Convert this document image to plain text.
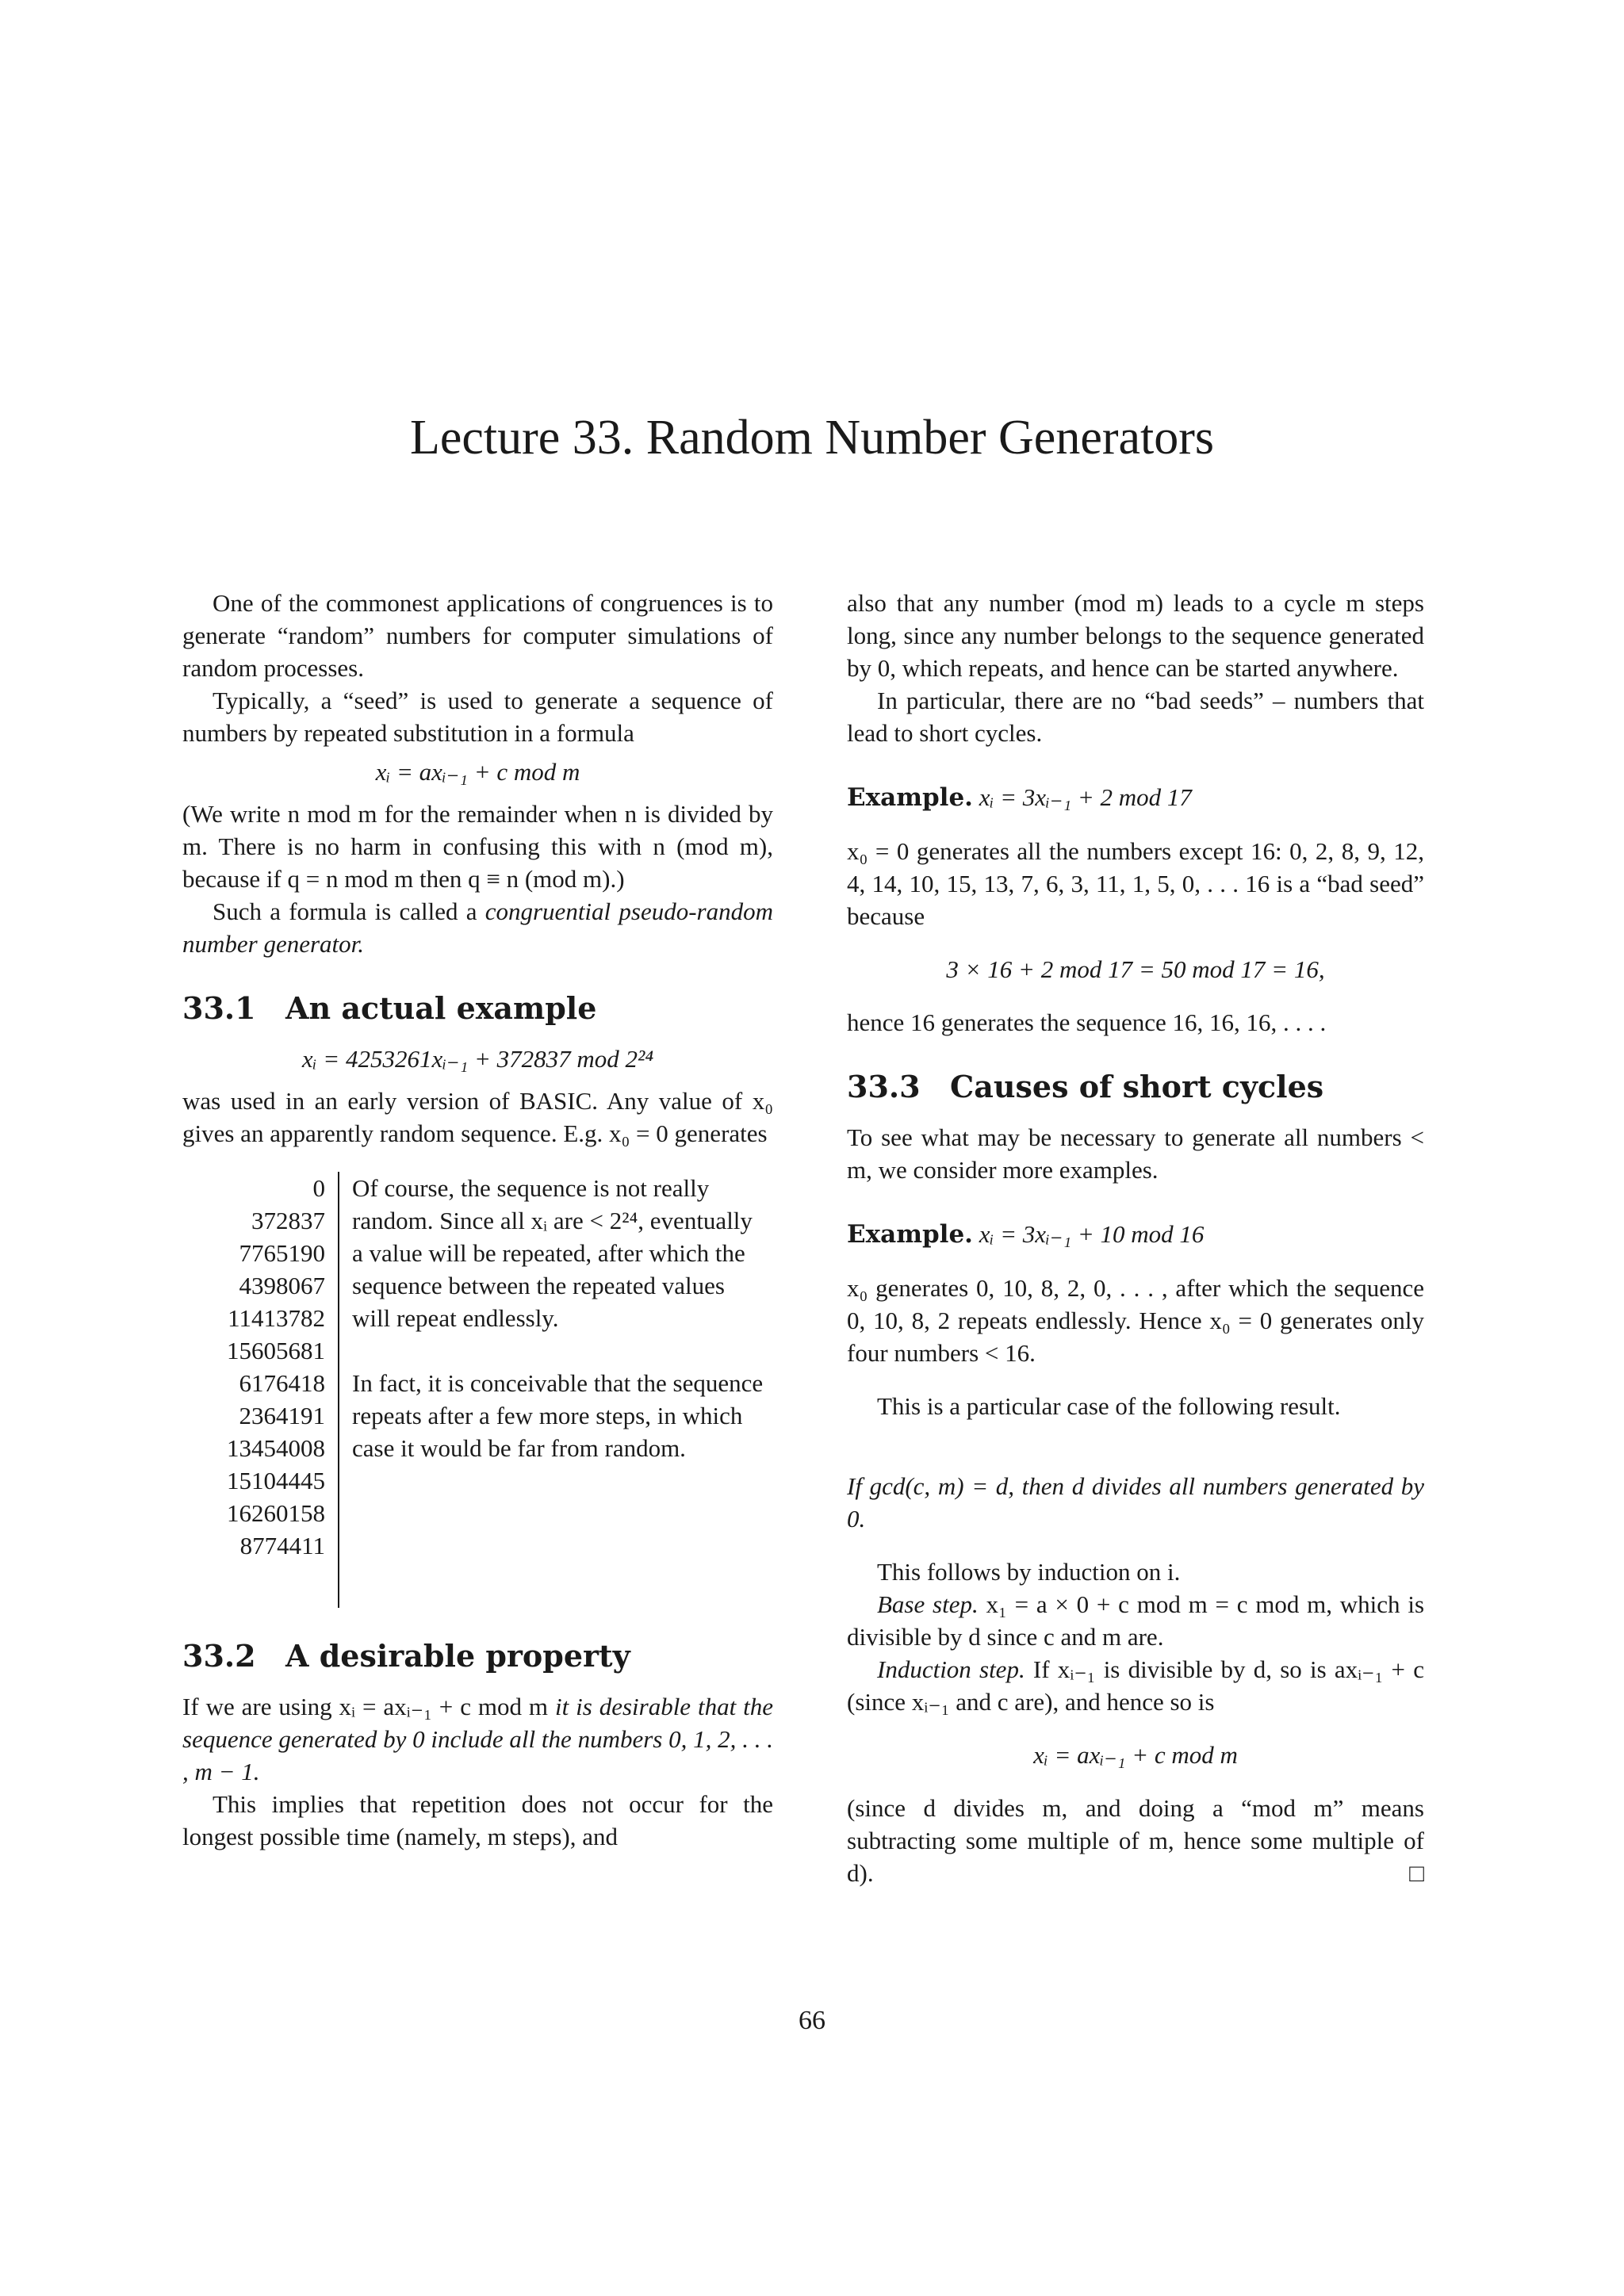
Lecture 33. Random Number Generators

One of the commonest applications of congruences is to generate “random” numbers for computer simulations of random processes.

Typically, a “seed” is used to generate a sequence of numbers by repeated substitution in a formula

xᵢ = axᵢ₋₁ + c mod m

(We write n mod m for the remainder when n is divided by m. There is no harm in confusing this with n (mod m), because if q = n mod m then q ≡ n (mod m).)

Such a formula is called a congruential pseudo-random number generator.

33.1 An actual example

xᵢ = 4253261xᵢ₋₁ + 372837 mod 2²⁴

was used in an early version of BASIC. Any value of x₀ gives an apparently random sequence. E.g. x₀ = 0 generates

0
372837
7765190
4398067
11413782
15605681
6176418
2364191
13454008
15104445
16260158
8774411

Of course, the sequence is not really random. Since all xᵢ are < 2²⁴, eventually a value will be repeated, after which the sequence between the repeated values will repeat endlessly.

In fact, it is conceivable that the sequence repeats after a few more steps, in which case it would be far from random.

33.2 A desirable property

If we are using xᵢ = axᵢ₋₁ + c mod m it is desirable that the sequence generated by 0 include all the numbers 0, 1, 2, . . . , m − 1.

This implies that repetition does not occur for the longest possible time (namely, m steps), and

also that any number (mod m) leads to a cycle m steps long, since any number belongs to the sequence generated by 0, which repeats, and hence can be started anywhere.

In particular, there are no “bad seeds” – numbers that lead to short cycles.

Example. xᵢ = 3xᵢ₋₁ + 2 mod 17

x₀ = 0 generates all the numbers except 16: 0, 2, 8, 9, 12, 4, 14, 10, 15, 13, 7, 6, 3, 11, 1, 5, 0, . . . 16 is a “bad seed” because

3 × 16 + 2 mod 17 = 50 mod 17 = 16,

hence 16 generates the sequence 16, 16, 16, . . . .

33.3 Causes of short cycles

To see what may be necessary to generate all numbers < m, we consider more examples.

Example. xᵢ = 3xᵢ₋₁ + 10 mod 16

x₀ generates 0, 10, 8, 2, 0, . . . , after which the sequence 0, 10, 8, 2 repeats endlessly. Hence x₀ = 0 generates only four numbers < 16.

This is a particular case of the following result.

If gcd(c, m) = d, then d divides all numbers generated by 0.

This follows by induction on i.

Base step. x₁ = a × 0 + c mod m = c mod m, which is divisible by d since c and m are.

Induction step. If xᵢ₋₁ is divisible by d, so is axᵢ₋₁ + c (since xᵢ₋₁ and c are), and hence so is

xᵢ = axᵢ₋₁ + c mod m

(since d divides m, and doing a “mod m” means subtracting some multiple of m, hence some multiple of d).	□

66
